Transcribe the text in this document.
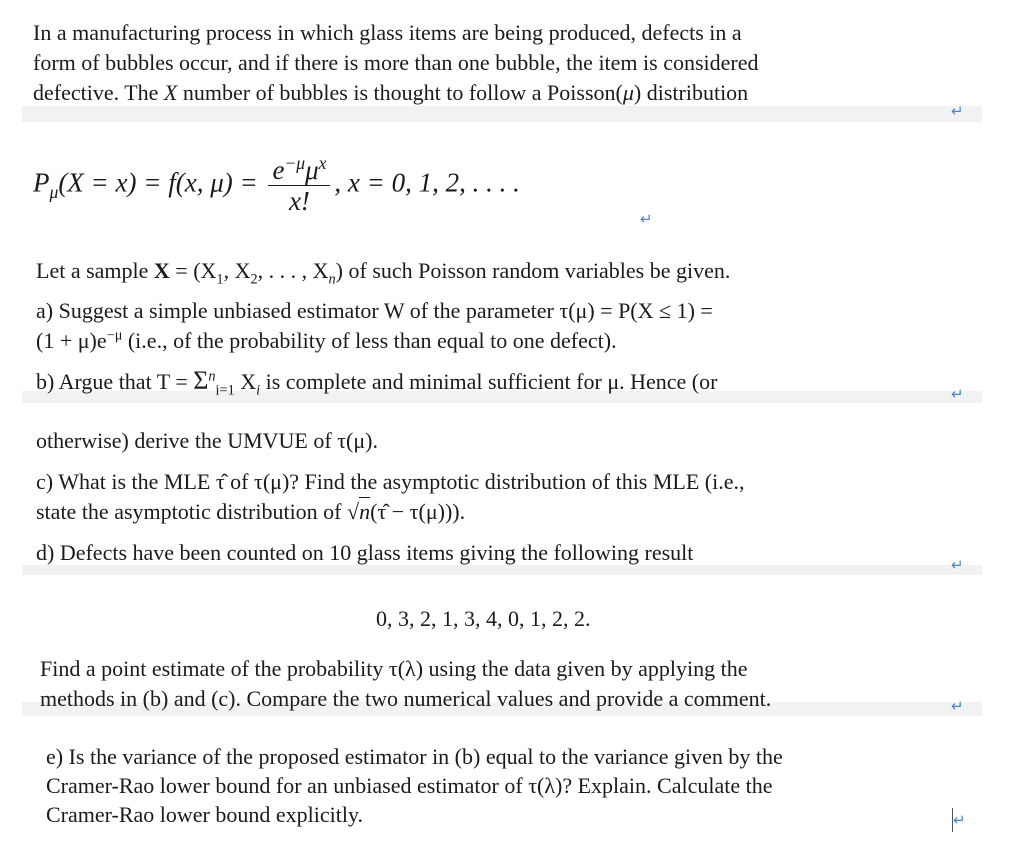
In a manufacturing process in which glass items are being produced, defects in a
form of bubbles occur, and if there is more than one bubble, the item is considered
defective. The X number of bubbles is thought to follow a Poisson(μ) distribution
↵
$P_\mu(X = x) = f(x$, $\mu) = \frac{e^{-\mu}\mu^x}{x!}$ , x = 0, 1, 2, . . . .
↵
Let a sample $X = (X_1$, $X_2$, . . . , $X_n$) of such Poisson random variables be given.
a) Suggest a simple unbiased estimator W of the parameter τ(μ) = P(X ≤ 1) =
$(1 + \mu)e^{-\mu}$ (i.e., of the probability of less than equal to one defect).
b) Argue that $T = \Sigma^n_{i=1}$ $X_i$ is complete and minimal sufficient for μ. Hence (or	↵
otherwise) derive the UMVUE of τ(μ).
c) What is the MLE τ̂ of τ(μ)? Find the asymptotic distribution of this MLE (i.e.,
state the asymptotic distribution of √n(τ̂ − τ(μ))).
d) Defects have been counted on 10 glass items giving the following result	↵
0, 3, 2, 1, 3, 4, 0, 1, 2, 2.
Find a point estimate of the probability τ(λ) using the data given by applying the
methods in (b) and (c). Compare the two numerical values and provide a comment.	↵
e) Is the variance of the proposed estimator in (b) equal to the variance given by the
Cramer-Rao lower bound for an unbiased estimator of τ(λ)? Explain. Calculate the
Cramer-Rao lower bound explicitly.	↵
